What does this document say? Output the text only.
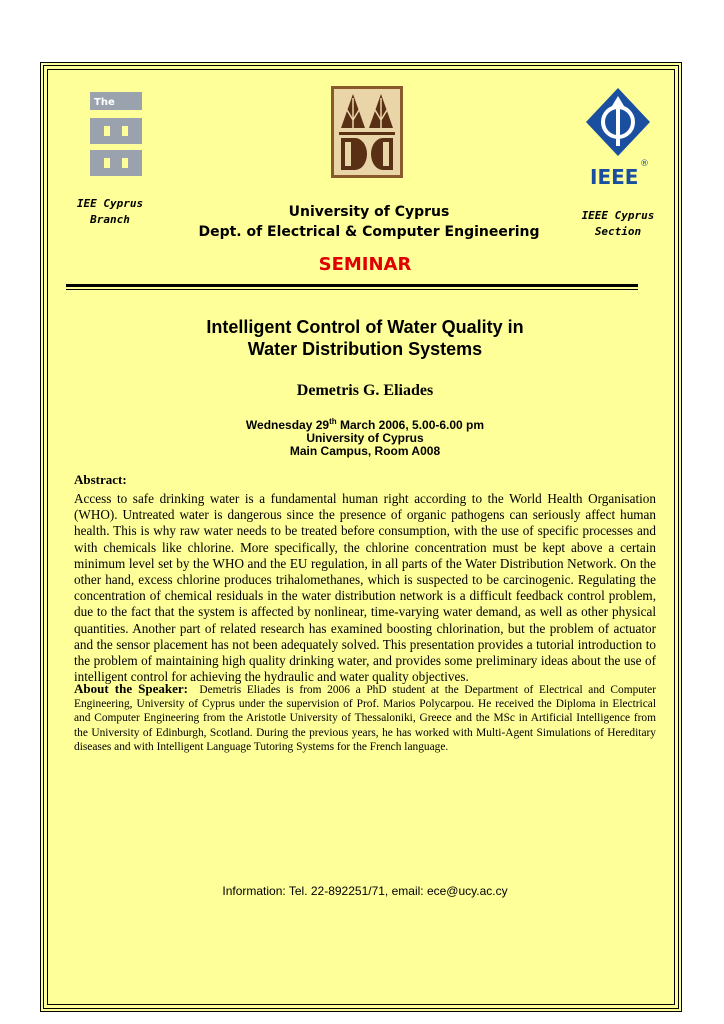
The
®
IEEE
IEE Cyprus
Branch	University of Cyprus
Dept. of Electrical & Computer Engineering
IEEE Cyprus
Section
SEMINAR
Intelligent Control of Water Quality in
Water Distribution Systems
Demetris G. Eliades
Wednesday 29th March 2006, 5.00-6.00 pm
University of Cyprus
Main Campus, Room A008
Abstract:
Access to safe drinking water is a fundamental human right according to the World Health Organisation (WHO). Untreated water is dangerous since the presence of organic pathogens can seriously affect human health. This is why raw water needs to be treated before consumption, with the use of specific processes and with chemicals like chlorine. More specifically, the chlorine concentration must be kept above a certain minimum level set by the WHO and the EU regulation, in all parts of the Water Distribution Network. On the other hand, excess chlorine produces trihalomethanes, which is suspected to be carcinogenic. Regulating the concentration of chemical residuals in the water distribution network is a difficult feedback control problem, due to the fact that the system is affected by nonlinear, time-varying water demand, as well as other physical quantities. Another part of related research has examined boosting chlorination, but the problem of actuator and the sensor placement has not been adequately solved. This presentation provides a tutorial introduction to the problem of maintaining high quality drinking water, and provides some preliminary ideas about the use of intelligent control for achieving the hydraulic and water quality objectives.
About the Speaker: Demetris Eliades is from 2006 a PhD student at the Department of Electrical and Computer Engineering, University of Cyprus under the supervision of Prof. Marios Polycarpou. He received the Diploma in Electrical and Computer Engineering from the Aristotle University of Thessaloniki, Greece and the MSc in Artificial Intelligence from the University of Edinburgh, Scotland. During the previous years, he has worked with Multi-Agent Simulations of Hereditary diseases and with Intelligent Language Tutoring Systems for the French language.
Information: Tel. 22-892251/71, email: ece@ucy.ac.cy
